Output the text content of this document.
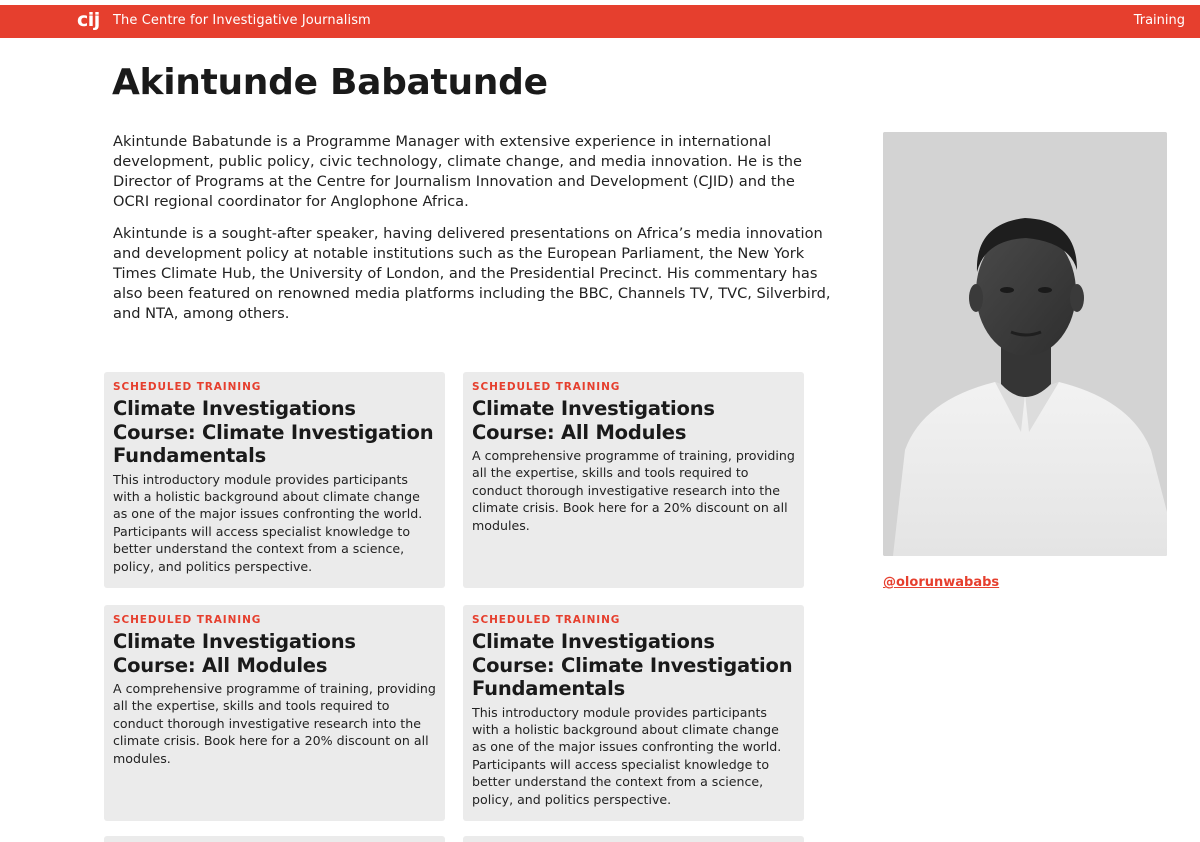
cij The Centre for Investigative Journalism	Training
Akintunde Babatunde

Akintunde Babatunde is a Programme Manager with extensive experience in international development, public policy, civic technology, climate change, and media innovation. He is the Director of Programs at the Centre for Journalism Innovation and Development (CJID) and the OCRI regional coordinator for Anglophone Africa.

Akintunde is a sought-after speaker, having delivered presentations on Africa’s media innovation and development policy at notable institutions such as the European Parliament, the New York Times Climate Hub, the University of London, and the Presidential Precinct. His commentary has also been featured on renowned media platforms including the BBC, Channels TV, TVC, Silverbird, and NTA, among others.

@olorunwababs
SCHEDULED TRAINING
Climate Investigations Course: Climate Investigation Fundamentals

This introductory module provides participants with a holistic background about climate change as one of the major issues confronting the world. Participants will access specialist knowledge to better understand the context from a science, policy, and politics perspective.

SCHEDULED TRAINING
Climate Investigations Course: All Modules

A comprehensive programme of training, providing all the expertise, skills and tools required to conduct thorough investigative research into the climate crisis. Book here for a 20% discount on all modules.

SCHEDULED TRAINING
Climate Investigations Course: All Modules

A comprehensive programme of training, providing all the expertise, skills and tools required to conduct thorough investigative research into the climate crisis. Book here for a 20% discount on all modules.

SCHEDULED TRAINING
Climate Investigations Course: Climate Investigation Fundamentals

This introductory module provides participants with a holistic background about climate change as one of the major issues confronting the world. Participants will access specialist knowledge to better understand the context from a science, policy, and politics perspective.
